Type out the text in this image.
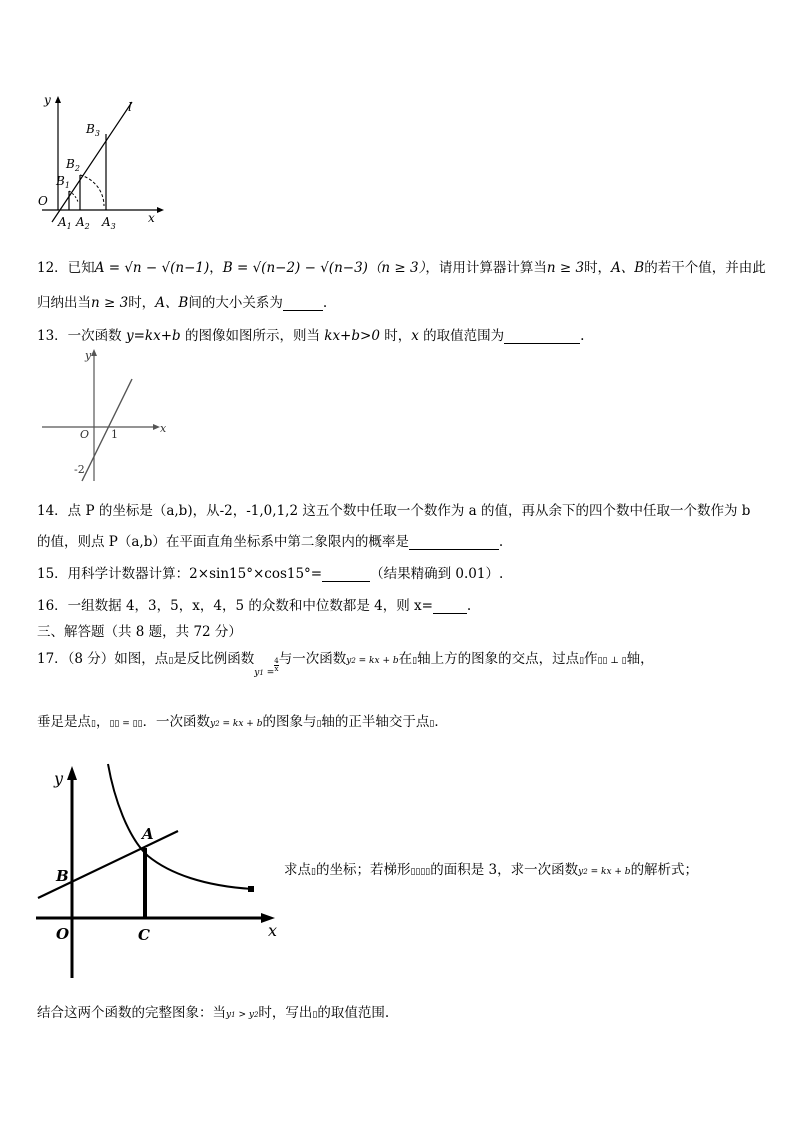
y
x
O
l
$B_3$
$B_2$
$B_1$
$A_1$ $A_2$ $A_3$
12．已知A = √n − √(n−1)，B = √(n−2) − √(n−3)（n ≥ 3），请用计算器计算当n ≥ 3时，A、B的若干个值，并由此
归纳出当n ≥ 3时，A、B间的大小关系为	.
13．一次函数 y=kx+b 的图像如图所示，则当 kx+b>0 时，x 的取值范围为	.
y
x
O 1
-2
14．点 P 的坐标是（a,b)，从-2，-1,0,1,2 这五个数中任取一个数作为 a 的值，再从余下的四个数中任取一个数作为 b
的值，则点 P（a,b）在平面直角坐标系中第二象限内的概率是	.
15．用科学计数器计算：2×sin15°×cos15°=	（结果精确到 0.01）.
16．一组数据 4，3，5，x，4，5 的众数和中位数都是 4，则 x=	.
三、解答题（共 8 题，共 72 分）
17．（8 分）如图，点▯是反比例函数$_{y1 =} \frac{4}{x}$ 与一次函数y2 = kx + b在▯轴上方的图象的交点，过点▯作▯▯ ⊥ ▯轴，
垂足是点▯，▯▯ = ▯▯．一次函数y2 = kx + b的图象与▯轴的正半轴交于点▯．
y
x
O
A
B
C
求点▯的坐标；若梯形▯▯▯▯的面积是 3，求一次函数y2 = kx + b的解析式；
结合这两个函数的完整图象：当y1 > y2时，写出▯的取值范围.
